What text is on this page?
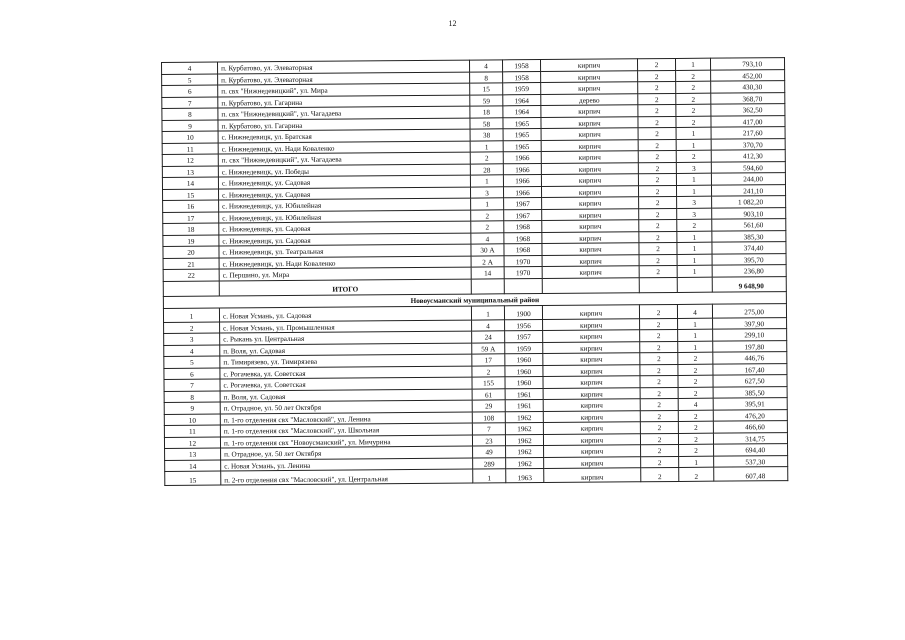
12
4	п. Курбатово, ул. Элеваторная	4	1958	кирпич	2	1	793,10
5	п. Курбатово, ул. Элеваторная	8	1958	кирпич	2	2	452,00
6	п. свх "Нижнедевицкий", ул. Мира	15	1959	кирпич	2	2	430,30
7	п. Курбатово, ул. Гагарина	59	1964	дерево	2	2	368,70
8	п. свх "Нижнедевицкий", ул. Чагадаева	18	1964	кирпич	2	2	362,50
9	п. Курбатово, ул. Гагарина	58	1965	кирпич	2	2	417,00
10	с. Нижнедевицк, ул. Братская	38	1965	кирпич	2	1	217,60
11	с. Нижнедевицк, ул. Нади Коваленко	1	1965	кирпич	2	1	370,70
12	п. свх "Нижнедевицкий", ул. Чагадаева	2	1966	кирпич	2	2	412,30
13	с. Нижнедевицк, ул. Победы	28	1966	кирпич	2	3	594,60
14	с. Нижнедевицк, ул. Садовая	1	1966	кирпич	2	1	244,00
15	с. Нижнедевицк, ул. Садовая	3	1966	кирпич	2	1	241,10
16	с. Нижнедевицк, ул. Юбилейная	1	1967	кирпич	2	3	1 082,20
17	с. Нижнедевицк, ул. Юбилейная	2	1967	кирпич	2	3	903,10
18	с. Нижнедевицк, ул. Садовая	2	1968	кирпич	2	2	561,60
19	с. Нижнедевицк, ул. Садовая	4	1968	кирпич	2	1	385,30
20	с. Нижнедевицк, ул. Театральная	30 А	1968	кирпич	2	1	374,40
21	с. Нижнедевицк, ул. Нади Коваленко	2 А	1970	кирпич	2	1	395,70
22	с. Першино, ул. Мира	14	1970	кирпич	2	1	236,80
	ИТОГО						9 648,90
Новоусманский муниципальный район							
1	с. Новая Усмань, ул. Садовая	1	1900	кирпич	2	4	275,00
2	с. Новая Усмань, ул. Промышленная	4	1956	кирпич	2	1	397,90
3	с. Рыкань ул. Центральная	24	1957	кирпич	2	1	299,10
4	п. Воля, ул. Садовая	59 А	1959	кирпич	2	1	197,80
5	п. Тимирязево, ул. Тимирязева	17	1960	кирпич	2	2	446,76
6	с. Рогачевка, ул. Советская	2	1960	кирпич	2	2	167,40
7	с. Рогачевка, ул. Советская	155	1960	кирпич	2	2	627,50
8	п. Воля, ул. Садовая	61	1961	кирпич	2	2	385,50
9	п. Отрадное, ул. 50 лет Октября	29	1961	кирпич	2	4	395,91
10	п. 1-го отделения свх "Масловский", ул. Ленина	108	1962	кирпич	2	2	476,20
11	п. 1-го отделения свх "Масловский", ул. Школьная	7	1962	кирпич	2	2	466,60
12	п. 1-го отделения свх "Новоусманский", ул. Мичурина	23	1962	кирпич	2	2	314,75
13	п. Отрадное, ул. 50 лет Октября	49	1962	кирпич	2	2	694,40
14	с. Новая Усмань, ул. Ленина	289	1962	кирпич	2	1	537,30
15	п. 2-го отделения свх "Масловский", ул. Центральная	1	1963	кирпич	2	2	607,48
